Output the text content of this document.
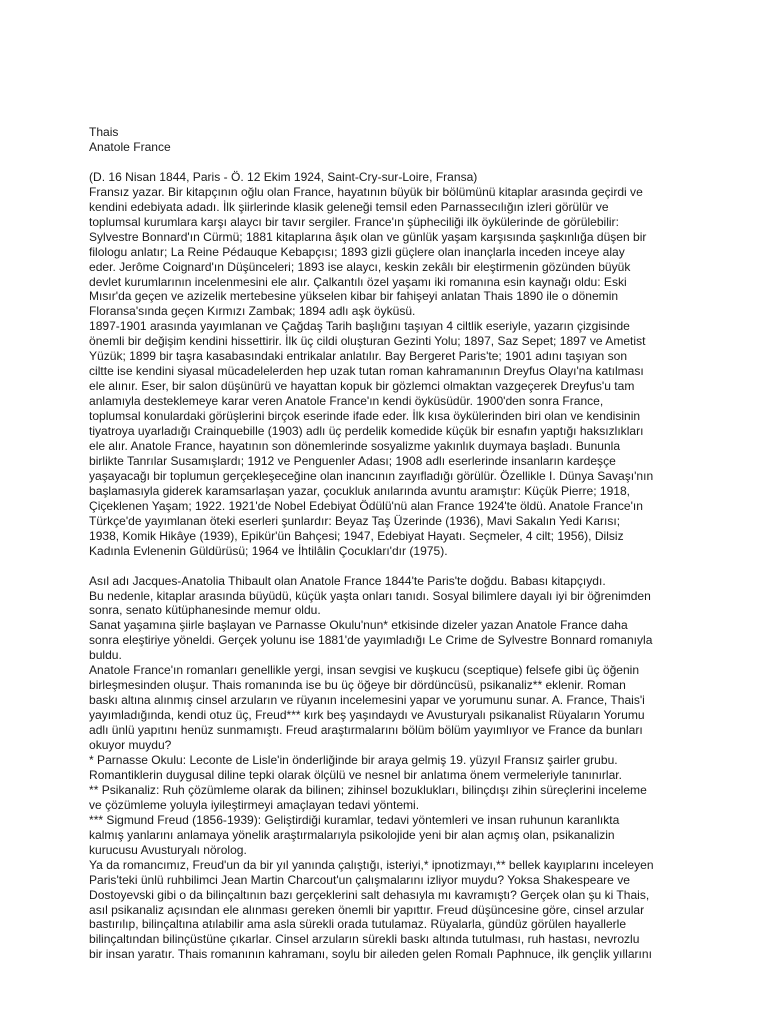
Thais
Anatole France
(D. 16 Nisan 1844, Paris - Ö. 12 Ekim 1924, Saint-Cry-sur-Loire, Fransa)
Fransız yazar. Bir kitapçının oğlu olan France, hayatının büyük bir bölümünü kitaplar arasında geçirdi ve
kendini edebiyata adadı. İlk şiirlerinde klasik geleneği temsil eden Parnassecılığın izleri görülür ve
toplumsal kurumlara karşı alaycı bir tavır sergiler. France'ın şüpheciliği ilk öykülerinde de görülebilir:
Sylvestre Bonnard'ın Cürmü; 1881 kitaplarına âşık olan ve günlük yaşam karşısında şaşkınlığa düşen bir
filologu anlatır; La Reine Pédauque Kebapçısı; 1893 gizli güçlere olan inançlarla inceden inceye alay
eder. Jerôme Coignard'ın Düşünceleri; 1893 ise alaycı, keskin zekâlı bir eleştirmenin gözünden büyük
devlet kurumlarının incelenmesini ele alır. Çalkantılı özel yaşamı iki romanına esin kaynağı oldu: Eski
Mısır'da geçen ve azizelik mertebesine yükselen kibar bir fahişeyi anlatan Thais 1890 ile o dönemin
Floransa'sında geçen Kırmızı Zambak; 1894 adlı aşk öyküsü.
1897-1901 arasında yayımlanan ve Çağdaş Tarih başlığını taşıyan 4 ciltlik eseriyle, yazarın çizgisinde
önemli bir değişim kendini hissettirir. İlk üç cildi oluşturan Gezinti Yolu; 1897, Saz Sepet; 1897 ve Ametist
Yüzük; 1899 bir taşra kasabasındaki entrikalar anlatılır. Bay Bergeret Paris'te; 1901 adını taşıyan son
ciltte ise kendini siyasal mücadelelerden hep uzak tutan roman kahramanının Dreyfus Olayı'na katılması
ele alınır. Eser, bir salon düşünürü ve hayattan kopuk bir gözlemci olmaktan vazgeçerek Dreyfus'u tam
anlamıyla desteklemeye karar veren Anatole France'ın kendi öyküsüdür. 1900'den sonra France,
toplumsal konulardaki görüşlerini birçok eserinde ifade eder. İlk kısa öykülerinden biri olan ve kendisinin
tiyatroya uyarladığı Crainquebille (1903) adlı üç perdelik komedide küçük bir esnafın yaptığı haksızlıkları
ele alır. Anatole France, hayatının son dönemlerinde sosyalizme yakınlık duymaya başladı. Bununla
birlikte Tanrılar Susamışlardı; 1912 ve Penguenler Adası; 1908 adlı eserlerinde insanların kardeşçe
yaşayacağı bir toplumun gerçekleşeceğine olan inancının zayıfladığı görülür. Özellikle I. Dünya Savaşı'nın
başlamasıyla giderek karamsarlaşan yazar, çocukluk anılarında avuntu aramıştır: Küçük Pierre; 1918,
Çiçeklenen Yaşam; 1922. 1921'de Nobel Edebiyat Ödülü'nü alan France 1924'te öldü. Anatole France'ın
Türkçe'de yayımlanan öteki eserleri şunlardır: Beyaz Taş Üzerinde (1936), Mavi Sakalın Yedi Karısı;
1938, Komik Hikâye (1939), Epikür'ün Bahçesi; 1947, Edebiyat Hayatı. Seçmeler, 4 cilt; 1956), Dilsiz
Kadınla Evlenenin Güldürüsü; 1964 ve İhtilâlin Çocukları'dır (1975).
Asıl adı Jacques-Anatolia Thibault olan Anatole France 1844'te Paris'te doğdu. Babası kitapçıydı.
Bu nedenle, kitaplar arasında büyüdü, küçük yaşta onları tanıdı. Sosyal bilimlere dayalı iyi bir öğrenimden
sonra, senato kütüphanesinde memur oldu.
Sanat yaşamına şiirle başlayan ve Parnasse Okulu'nun* etkisinde dizeler yazan Anatole France daha
sonra eleştiriye yöneldi. Gerçek yolunu ise 1881'de yayımladığı Le Crime de Sylvestre Bonnard romanıyla
buldu.
Anatole France'ın romanları genellikle yergi, insan sevgisi ve kuşkucu (sceptique) felsefe gibi üç öğenin
birleşmesinden oluşur. Thais romanında ise bu üç öğeye bir dördüncüsü, psikanaliz** eklenir. Roman
baskı altına alınmış cinsel arzuların ve rüyanın incelemesini yapar ve yorumunu sunar. A. France, Thais'i
yayımladığında, kendi otuz üç, Freud*** kırk beş yaşındaydı ve Avusturyalı psikanalist Rüyaların Yorumu
adlı ünlü yapıtını henüz sunmamıştı. Freud araştırmalarını bölüm bölüm yayımlıyor ve France da bunları
okuyor muydu?
* Parnasse Okulu: Leconte de Lisle'in önderliğinde bir araya gelmiş 19. yüzyıl Fransız şairler grubu.
Romantiklerin duygusal diline tepki olarak ölçülü ve nesnel bir anlatıma önem vermeleriyle tanınırlar.
** Psikanaliz: Ruh çözümleme olarak da bilinen; zihinsel bozuklukları, bilinçdışı zihin süreçlerini inceleme
ve çözümleme yoluyla iyileştirmeyi amaçlayan tedavi yöntemi.
*** Sigmund Freud (1856-1939): Geliştirdiği kuramlar, tedavi yöntemleri ve insan ruhunun karanlıkta
kalmış yanlarını anlamaya yönelik araştırmalarıyla psikolojide yeni bir alan açmış olan, psikanalizin
kurucusu Avusturyalı nörolog.
Ya da romancımız, Freud'un da bir yıl yanında çalıştığı, isteriyi,* ipnotizmayı,** bellek kayıplarını inceleyen
Paris'teki ünlü ruhbilimci Jean Martin Charcout'un çalışmalarını izliyor muydu? Yoksa Shakespeare ve
Dostoyevski gibi o da bilinçaltının bazı gerçeklerini salt dehasıyla mı kavramıştı? Gerçek olan şu ki Thais,
asıl psikanaliz açısından ele alınması gereken önemli bir yapıttır. Freud düşüncesine göre, cinsel arzular
bastırılıp, bilinçaltına atılabilir ama asla sürekli orada tutulamaz. Rüyalarla, gündüz görülen hayallerle
bilinçaltından bilinçüstüne çıkarlar. Cinsel arzuların sürekli baskı altında tutulması, ruh hastası, nevrozlu
bir insan yaratır. Thais romanının kahramanı, soylu bir aileden gelen Romalı Paphnuce, ilk gençlik yıllarını
